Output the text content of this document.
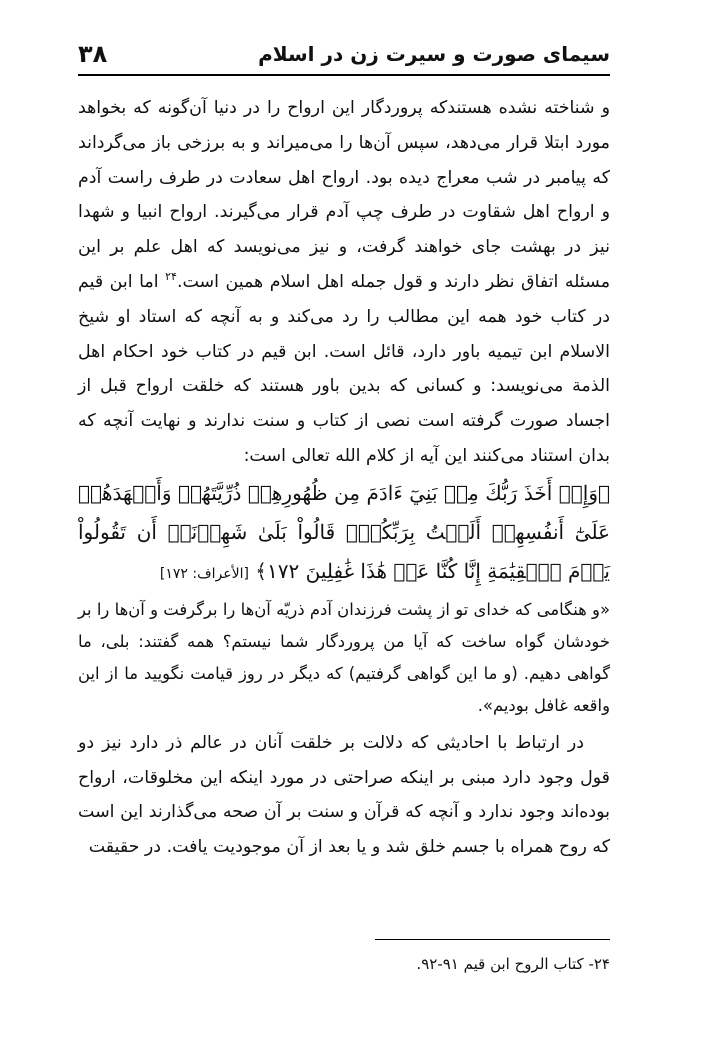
سیمای صورت و سیرت زن در اسلام
۳۸

و شناخته نشده هستندکه پروردگار این ارواح را در دنیا آن‌گونه که بخواهد مورد ابتلا قرار می‌دهد، سپس آن‌ها را می‌میراند و به برزخی باز می‌گرداند که پیامبر در شب معراج دیده بود. ارواح اهل سعادت در طرف راست آدم و ارواح اهل شقاوت در طرف چپ آدم قرار می‌گیرند. ارواح انبیا و شهدا نیز در بهشت جای خواهند گرفت، و نیز می‌نویسد که اهل علم بر این مسئله اتفاق نظر دارند و قول جمله اهل اسلام همین است.$^{۲۴}$ اما ابن قیم در کتاب خود همه این مطالب را رد می‌کند و به آنچه که استاد او شیخ الاسلام ابن تیمیه باور دارد، قائل است. ابن قیم در کتاب خود احکام اهل الذمة می‌نویسد: و کسانی که بدین باور هستند که خلقت ارواح قبل از اجساد صورت گرفته است نصی از کتاب و سنت ندارند و نهایت آنچه که بدان استناد می‌کنند این آیه از کلام الله تعالی است:

﴿وَإِذۡ أَخَذَ رَبُّكَ مِنۢ بَنِيٓ ءَادَمَ مِن ظُهُورِهِمۡ ذُرِّيَّتَهُمۡ وَأَشۡهَدَهُمۡ عَلَىٰٓ أَنفُسِهِمۡ أَلَسۡتُ بِرَبِّكُمۡۖ قَالُواْ بَلَىٰ شَهِدۡنَآۚ أَن تَقُولُواْ يَوۡمَ ٱلۡقِيَٰمَةِ إِنَّا كُنَّا عَنۡ هَٰذَا غَٰفِلِينَ ١٧٢﴾ [الأعراف: ۱۷۲]

«و هنگامی که خدای تو از پشت فرزندان آدم ذریّه آن‌ها را برگرفت و آن‌ها را بر خودشان گواه ساخت که آیا من پروردگار شما نیستم؟ همه گفتند: بلی، ما گواهی دهیم. (و ما این گواهی گرفتیم) که دیگر در روز قیامت نگویید ما از این واقعه غافل بودیم».

در ارتباط با احادیثی که دلالت بر خلقت آنان در عالم ذر دارد نیز دو قول وجود دارد مبنی بر اینکه صراحتی در مورد اینکه این مخلوقات، ارواح بوده‌اند وجود ندارد و آنچه که قرآن و سنت بر آن صحه می‌گذارند این است که روح همراه با جسم خلق شد و یا بعد از آن موجودیت یافت. در حقیقت

۲۴- کتاب الروح ابن قیم ۹۱-۹۲.
